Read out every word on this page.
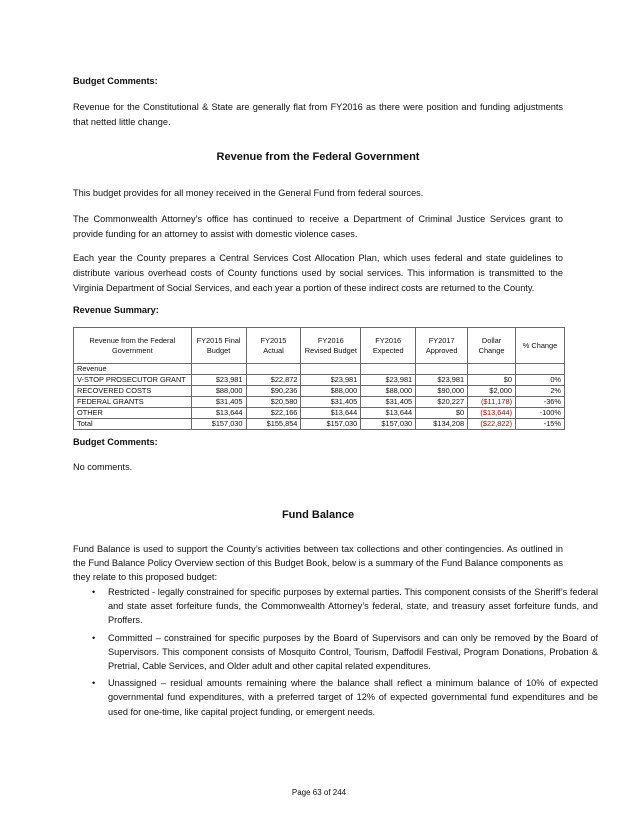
Budget Comments:

Revenue for the Constitutional & State are generally flat from FY2016 as there were position and funding adjustments that netted little change.

Revenue from the Federal Government

This budget provides for all money received in the General Fund from federal sources.

The Commonwealth Attorney’s office has continued to receive a Department of Criminal Justice Services grant to provide funding for an attorney to assist with domestic violence cases.

Each year the County prepares a Central Services Cost Allocation Plan, which uses federal and state guidelines to distribute various overhead costs of County functions used by social services. This information is transmitted to the Virginia Department of Social Services, and each year a portion of these indirect costs are returned to the County.

Revenue Summary:
Revenue from the Federal Government	FY2015 Final Budget	FY2015 Actual	FY2016 Revised Budget	FY2016 Expected	FY2017 Approved	Dollar Change	% Change
Revenue							
V-STOP PROSECUTOR GRANT	$23,981	$22,872	$23,981	$23,981	$23,981	$0	0%
RECOVERED COSTS	$88,000	$90,236	$88,000	$88,000	$90,000	$2,000	2%
FEDERAL GRANTS	$31,405	$20,580	$31,405	$31,405	$20,227	($11,178)	-36%
OTHER	$13,644	$22,166	$13,644	$13,644	$0	($13,644)	-100%
Total	$157,030	$155,854	$157,030	$157,030	$134,208	($22,822)	-15%
Budget Comments:
No comments.
Fund Balance

Fund Balance is used to support the County’s activities between tax collections and other contingencies. As outlined in the Fund Balance Policy Overview section of this Budget Book, below is a summary of the Fund Balance components as they relate to this proposed budget:

• Restricted - legally constrained for specific purposes by external parties. This component consists of the Sheriff’s federal and state asset forfeiture funds, the Commonwealth Attorney’s federal, state, and treasury asset forfeiture funds, and Proffers.
• Committed – constrained for specific purposes by the Board of Supervisors and can only be removed by the Board of Supervisors. This component consists of Mosquito Control, Tourism, Daffodil Festival, Program Donations, Probation & Pretrial, Cable Services, and Older adult and other capital related expenditures.
• Unassigned – residual amounts remaining where the balance shall reflect a minimum balance of 10% of expected governmental fund expenditures, with a preferred target of 12% of expected governmental fund expenditures and be used for one-time, like capital project funding, or emergent needs.
Page 63 of 244
